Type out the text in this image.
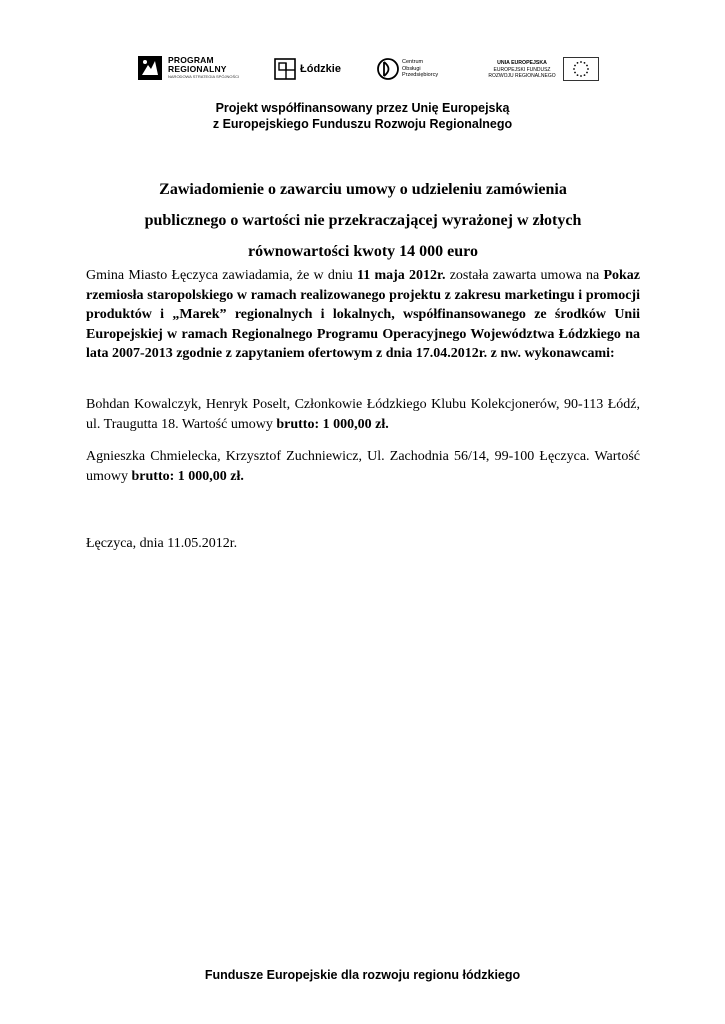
PROGRAM
REGIONALNY
NARODOWA STRATEGIA SPÓJNOŚCI
Łódzkie
Centrum
Obsługi
Przedsiębiorcy
UNIA EUROPEJSKA
EUROPEJSKI FUNDUSZ
ROZWOJU REGIONALNEGO
Projekt współfinansowany przez Unię Europejską
z Europejskiego Funduszu Rozwoju Regionalnego
Zawiadomienie o zawarciu umowy o udzieleniu zamówienia
publicznego o wartości nie przekraczającej wyrażonej w złotych
równowartości kwoty 14 000 euro

Gmina Miasto Łęczyca zawiadamia, że w dniu 11 maja 2012r. została zawarta umowa na Pokaz rzemiosła staropolskiego w ramach realizowanego projektu z zakresu marketingu i promocji produktów i „Marek” regionalnych i lokalnych, współfinansowanego ze środków Unii Europejskiej w ramach Regionalnego Programu Operacyjnego Województwa Łódzkiego na lata 2007-2013 zgodnie z zapytaniem ofertowym z dnia 17.04.2012r. z nw. wykonawcami:

Bohdan Kowalczyk, Henryk Poselt, Członkowie Łódzkiego Klubu Kolekcjonerów, 90-113 Łódź, ul. Traugutta 18. Wartość umowy brutto: 1 000,00 zł.

Agnieszka Chmielecka, Krzysztof Zuchniewicz, Ul. Zachodnia 56/14, 99-100 Łęczyca. Wartość umowy brutto: 1 000,00 zł.

Łęczyca, dnia 11.05.2012r.

Fundusze Europejskie dla rozwoju regionu łódzkiego
